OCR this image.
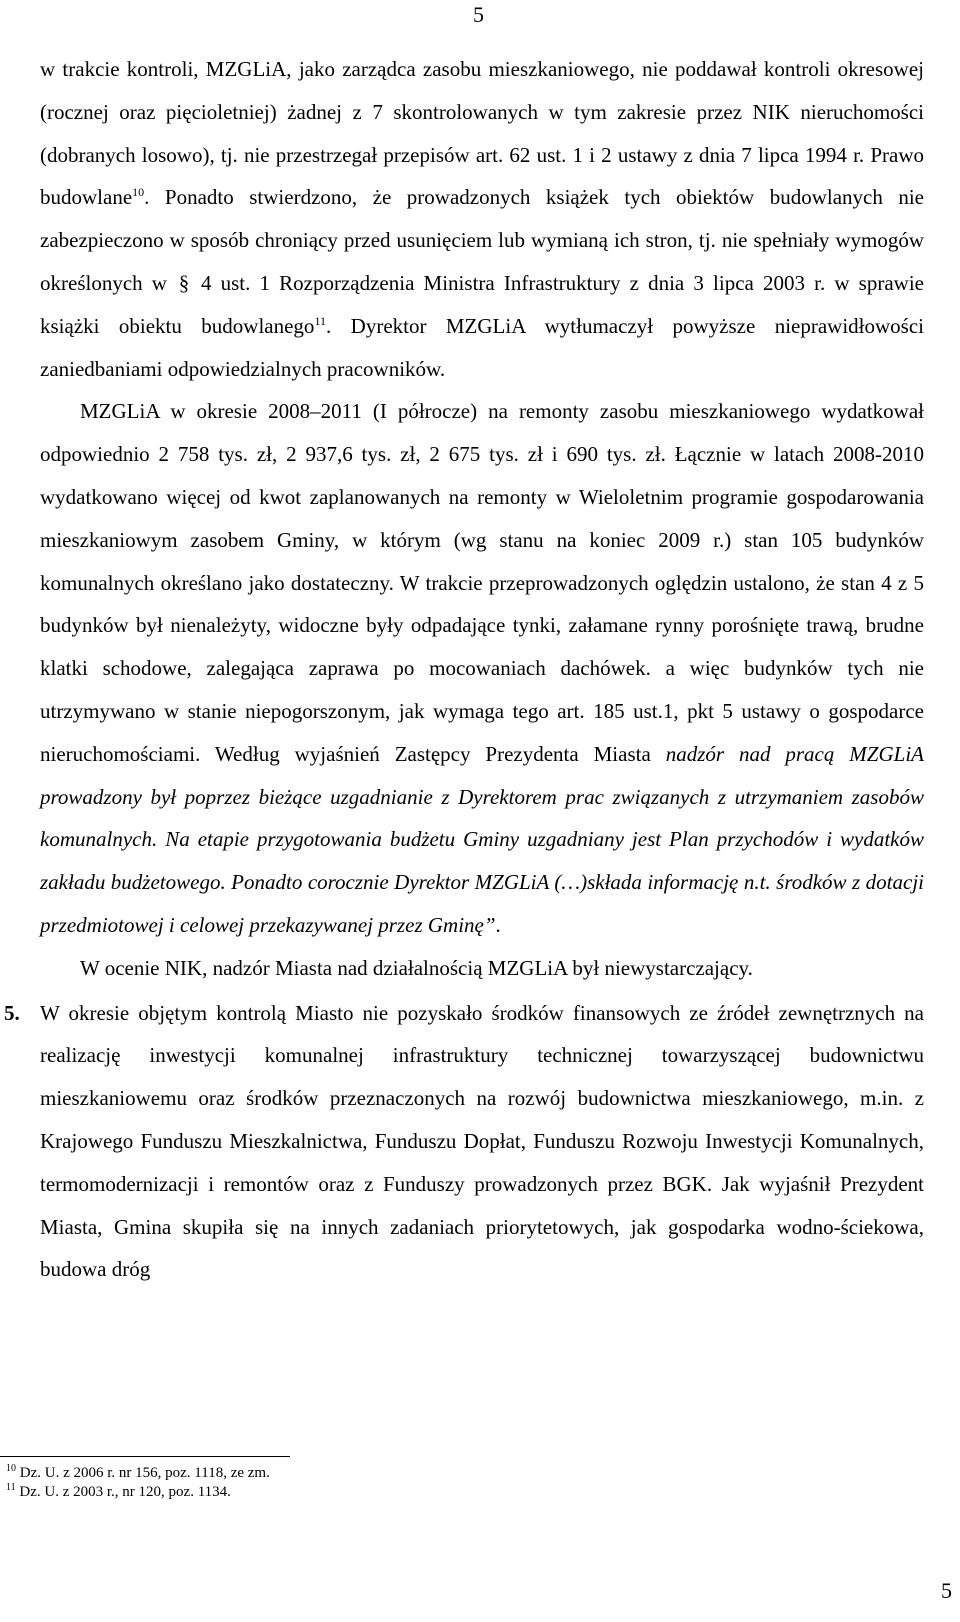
5

w trakcie kontroli, MZGLiA, jako zarządca zasobu mieszkaniowego, nie poddawał kontroli okresowej (rocznej oraz pięcioletniej) żadnej z 7 skontrolowanych w tym zakresie przez NIK nieruchomości (dobranych losowo), tj. nie przestrzegał przepisów art. 62 ust. 1 i 2 ustawy z dnia 7 lipca 1994 r. Prawo budowlane$^{10}$. Ponadto stwierdzono, że prowadzonych książek tych obiektów budowlanych nie zabezpieczono w sposób chroniący przed usunięciem lub wymianą ich stron, tj. nie spełniały wymogów określonych w § 4 ust. 1 Rozporządzenia Ministra Infrastruktury z dnia 3 lipca 2003 r. w sprawie książki obiektu budowlanego$^{11}$. Dyrektor MZGLiA wytłumaczył powyższe nieprawidłowości zaniedbaniami odpowiedzialnych pracowników.

MZGLiA w okresie 2008–2011 (I półrocze) na remonty zasobu mieszkaniowego wydatkował odpowiednio 2 758 tys. zł, 2 937,6 tys. zł, 2 675 tys. zł i 690 tys. zł. Łącznie w latach 2008-2010 wydatkowano więcej od kwot zaplanowanych na remonty w Wieloletnim programie gospodarowania mieszkaniowym zasobem Gminy, w którym (wg stanu na koniec 2009 r.) stan 105 budynków komunalnych określano jako dostateczny. W trakcie przeprowadzonych oględzin ustalono, że stan 4 z 5 budynków był nienależyty, widoczne były odpadające tynki, załamane rynny porośnięte trawą, brudne klatki schodowe, zalegająca zaprawa po mocowaniach dachówek. a więc budynków tych nie utrzymywano w stanie niepogorszonym, jak wymaga tego art. 185 ust.1, pkt 5 ustawy o gospodarce nieruchomościami. Według wyjaśnień Zastępcy Prezydenta Miasta nadzór nad pracą MZGLiA prowadzony był poprzez bieżące uzgadnianie z Dyrektorem prac związanych z utrzymaniem zasobów komunalnych. Na etapie przygotowania budżetu Gminy uzgadniany jest Plan przychodów i wydatków zakładu budżetowego. Ponadto corocznie Dyrektor MZGLiA (…)składa informację n.t. środków z dotacji przedmiotowej i celowej przekazywanej przez Gminę”.

W ocenie NIK, nadzór Miasta nad działalnością MZGLiA był niewystarczający.

5. W okresie objętym kontrolą Miasto nie pozyskało środków finansowych ze źródeł zewnętrznych na realizację inwestycji komunalnej infrastruktury technicznej towarzyszącej budownictwu mieszkaniowemu oraz środków przeznaczonych na rozwój budownictwa mieszkaniowego, m.in. z Krajowego Funduszu Mieszkalnictwa, Funduszu Dopłat, Funduszu Rozwoju Inwestycji Komunalnych, termomodernizacji i remontów oraz z Funduszy prowadzonych przez BGK. Jak wyjaśnił Prezydent Miasta, Gmina skupiła się na innych zadaniach priorytetowych, jak gospodarka wodno-ściekowa, budowa dróg

$^{10}$ Dz. U. z 2006 r. nr 156, poz. 1118, ze zm.
$^{11}$ Dz. U. z 2003 r., nr 120, poz. 1134.
5
